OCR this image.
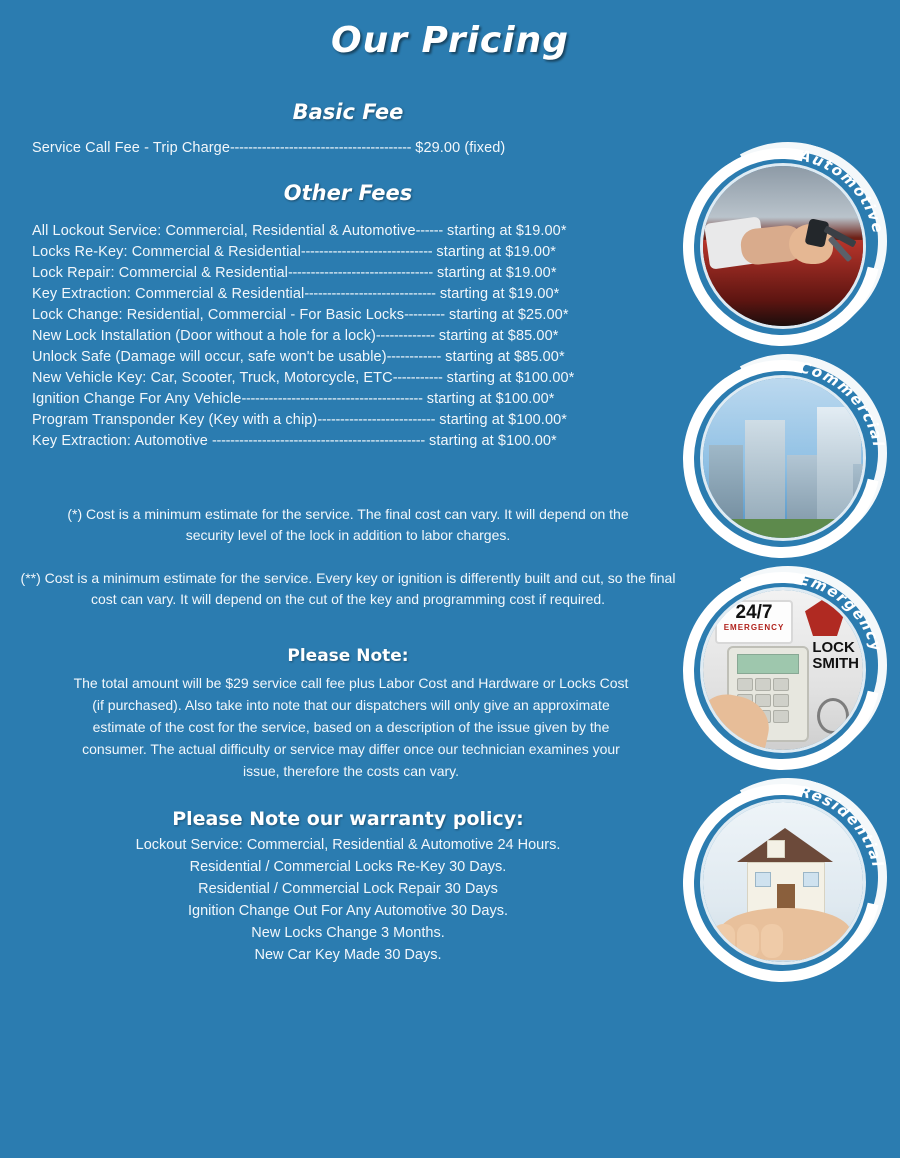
Our Pricing
Basic Fee
Service Call Fee - Trip Charge---------------------------------------- $29.00 (fixed)
Other Fees
All Lockout Service: Commercial, Residential & Automotive------ starting at $19.00*
Locks Re-Key: Commercial & Residential----------------------------- starting at $19.00*
Lock Repair: Commercial & Residential-------------------------------- starting at $19.00*
Key Extraction: Commercial & Residential----------------------------- starting at $19.00*
Lock Change: Residential, Commercial - For Basic Locks--------- starting at $25.00*
New Lock Installation (Door without a hole for a lock)------------- starting at $85.00*
Unlock Safe (Damage will occur, safe won't be usable)------------ starting at $85.00*
New Vehicle Key: Car, Scooter, Truck, Motorcycle, ETC----------- starting at $100.00*
Ignition Change For Any Vehicle---------------------------------------- starting at $100.00*
Program Transponder Key (Key with a chip)-------------------------- starting at $100.00*
Key Extraction: Automotive ----------------------------------------------- starting at $100.00*
(*) Cost is a minimum estimate for the service. The final cost can vary. It will depend on the security level of the lock in addition to labor charges.
(**) Cost is a minimum estimate for the service. Every key or ignition is differently built and cut, so the final cost can vary. It will depend on the cut of the key and programming cost if required.
Please Note:
The total amount will be $29 service call fee plus Labor Cost and Hardware or Locks Cost (if purchased). Also take into note that our dispatchers will only give an approximate estimate of the cost for the service, based on a description of the issue given by the consumer. The actual difficulty or service may differ once our technician examines your issue, therefore the costs can vary.
Please Note our warranty policy:
Lockout Service: Commercial, Residential & Automotive 24 Hours.
Residential / Commercial Locks Re-Key 30 Days.
Residential / Commercial Lock Repair 30 Days
Ignition Change Out For Any Automotive 30 Days.
New Locks Change 3 Months.
New Car Key Made 30 Days.
Automotive
Commercial
24/7
EMERGENCY
LOCK
SMITH
Emergency
Residential
